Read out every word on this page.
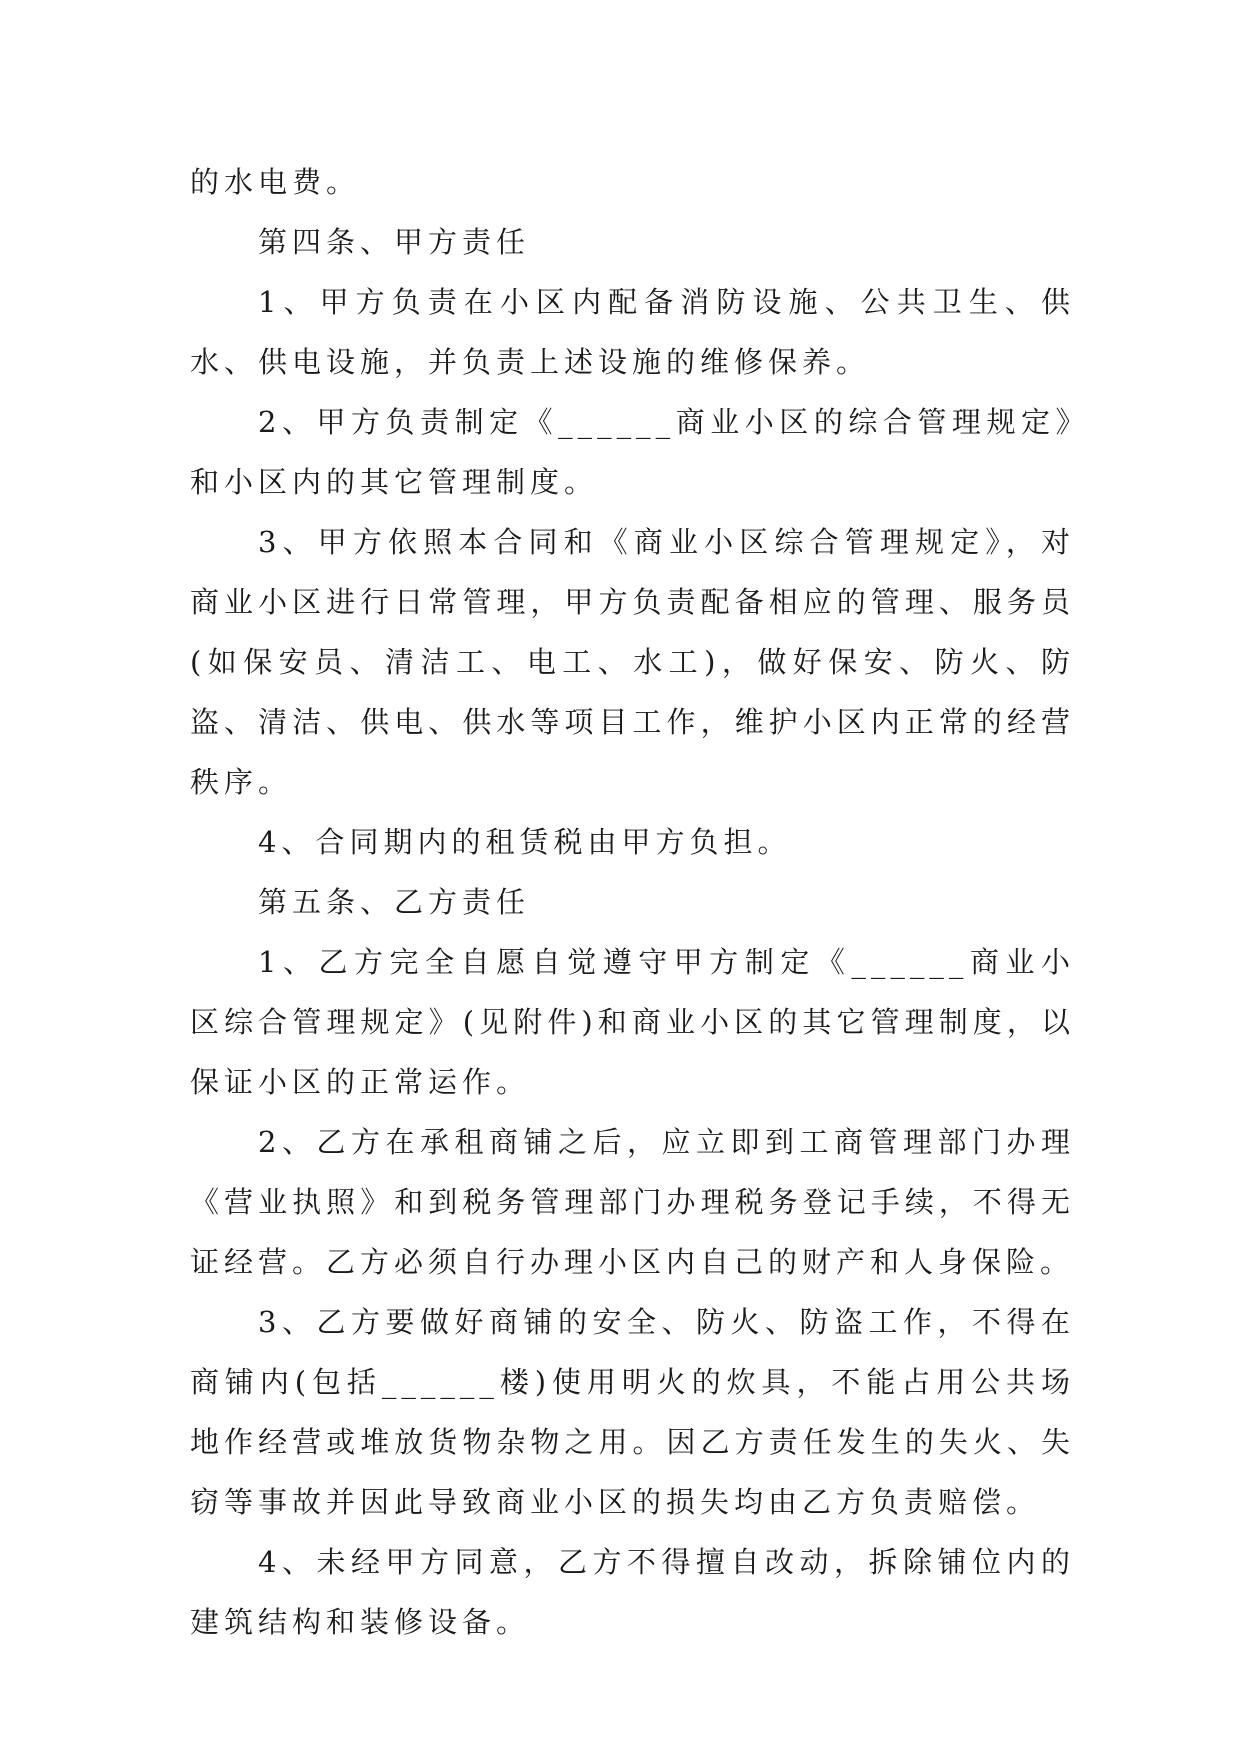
的水电费。

第四条、甲方责任

1、甲方负责在小区内配备消防设施、公共卫生、供水、供电设施，并负责上述设施的维修保养。

2、甲方负责制定《______商业小区的综合管理规定》和小区内的其它管理制度。

3、甲方依照本合同和《商业小区综合管理规定》，对商业小区进行日常管理，甲方负责配备相应的管理、服务员(如保安员、清洁工、电工、水工)，做好保安、防火、防盗、清洁、供电、供水等项目工作，维护小区内正常的经营秩序。

4、合同期内的租赁税由甲方负担。

第五条、乙方责任

1、乙方完全自愿自觉遵守甲方制定《______商业小区综合管理规定》(见附件)和商业小区的其它管理制度，以保证小区的正常运作。

2、乙方在承租商铺之后，应立即到工商管理部门办理《营业执照》和到税务管理部门办理税务登记手续，不得无证经营。乙方必须自行办理小区内自己的财产和人身保险。

3、乙方要做好商铺的安全、防火、防盗工作，不得在商铺内(包括______楼)使用明火的炊具，不能占用公共场地作经营或堆放货物杂物之用。因乙方责任发生的失火、失窃等事故并因此导致商业小区的损失均由乙方负责赔偿。

4、未经甲方同意，乙方不得擅自改动，拆除铺位内的建筑结构和装修设备。
